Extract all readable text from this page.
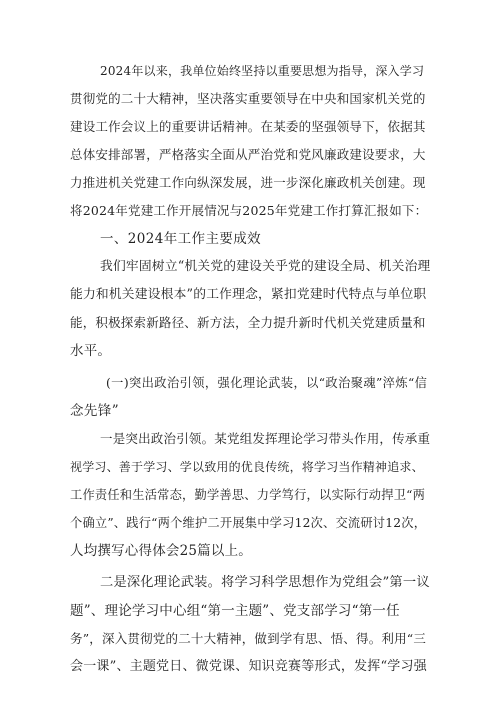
2024年以来，我单位始终坚持以重要思想为指导，深入学习
贯彻党的二十大精神，坚决落实重要领导在中央和国家机关党的
建设工作会议上的重要讲话精神。在某委的坚强领导下，依据其
总体安排部署，严格落实全面从严治党和党风廉政建设要求，大
力推进机关党建工作向纵深发展，进一步深化廉政机关创建。现
将2024年党建工作开展情况与2025年党建工作打算汇报如下：
一、2024年工作主要成效
我们牢固树立“机关党的建设关乎党的建设全局、机关治理
能力和机关建设根本”的工作理念，紧扣党建时代特点与单位职
能，积极探索新路径、新方法，全力提升新时代机关党建质量和
水平。
(一)突出政治引领，强化理论武装，以“政治聚魂”淬炼“信
念先锋”
一是突出政治引领。某党组发挥理论学习带头作用，传承重
视学习、善于学习、学以致用的优良传统，将学习当作精神追求、
工作责任和生活常态，勤学善思、力学笃行，以实际行动捍卫“两
个确立”、践行“两个维护二开展集中学习12次、交流研讨12次，
人均撰写心得体会25篇以上。
二是深化理论武装。将学习科学思想作为党组会”第一议
题”、理论学习中心组“第一主题”、党支部学习“第一任
务”，深入贯彻党的二十大精神，做到学有思、悟、得。利用“三
会一课”、主题党日、微党课、知识竞赛等形式，发挥“学习强
